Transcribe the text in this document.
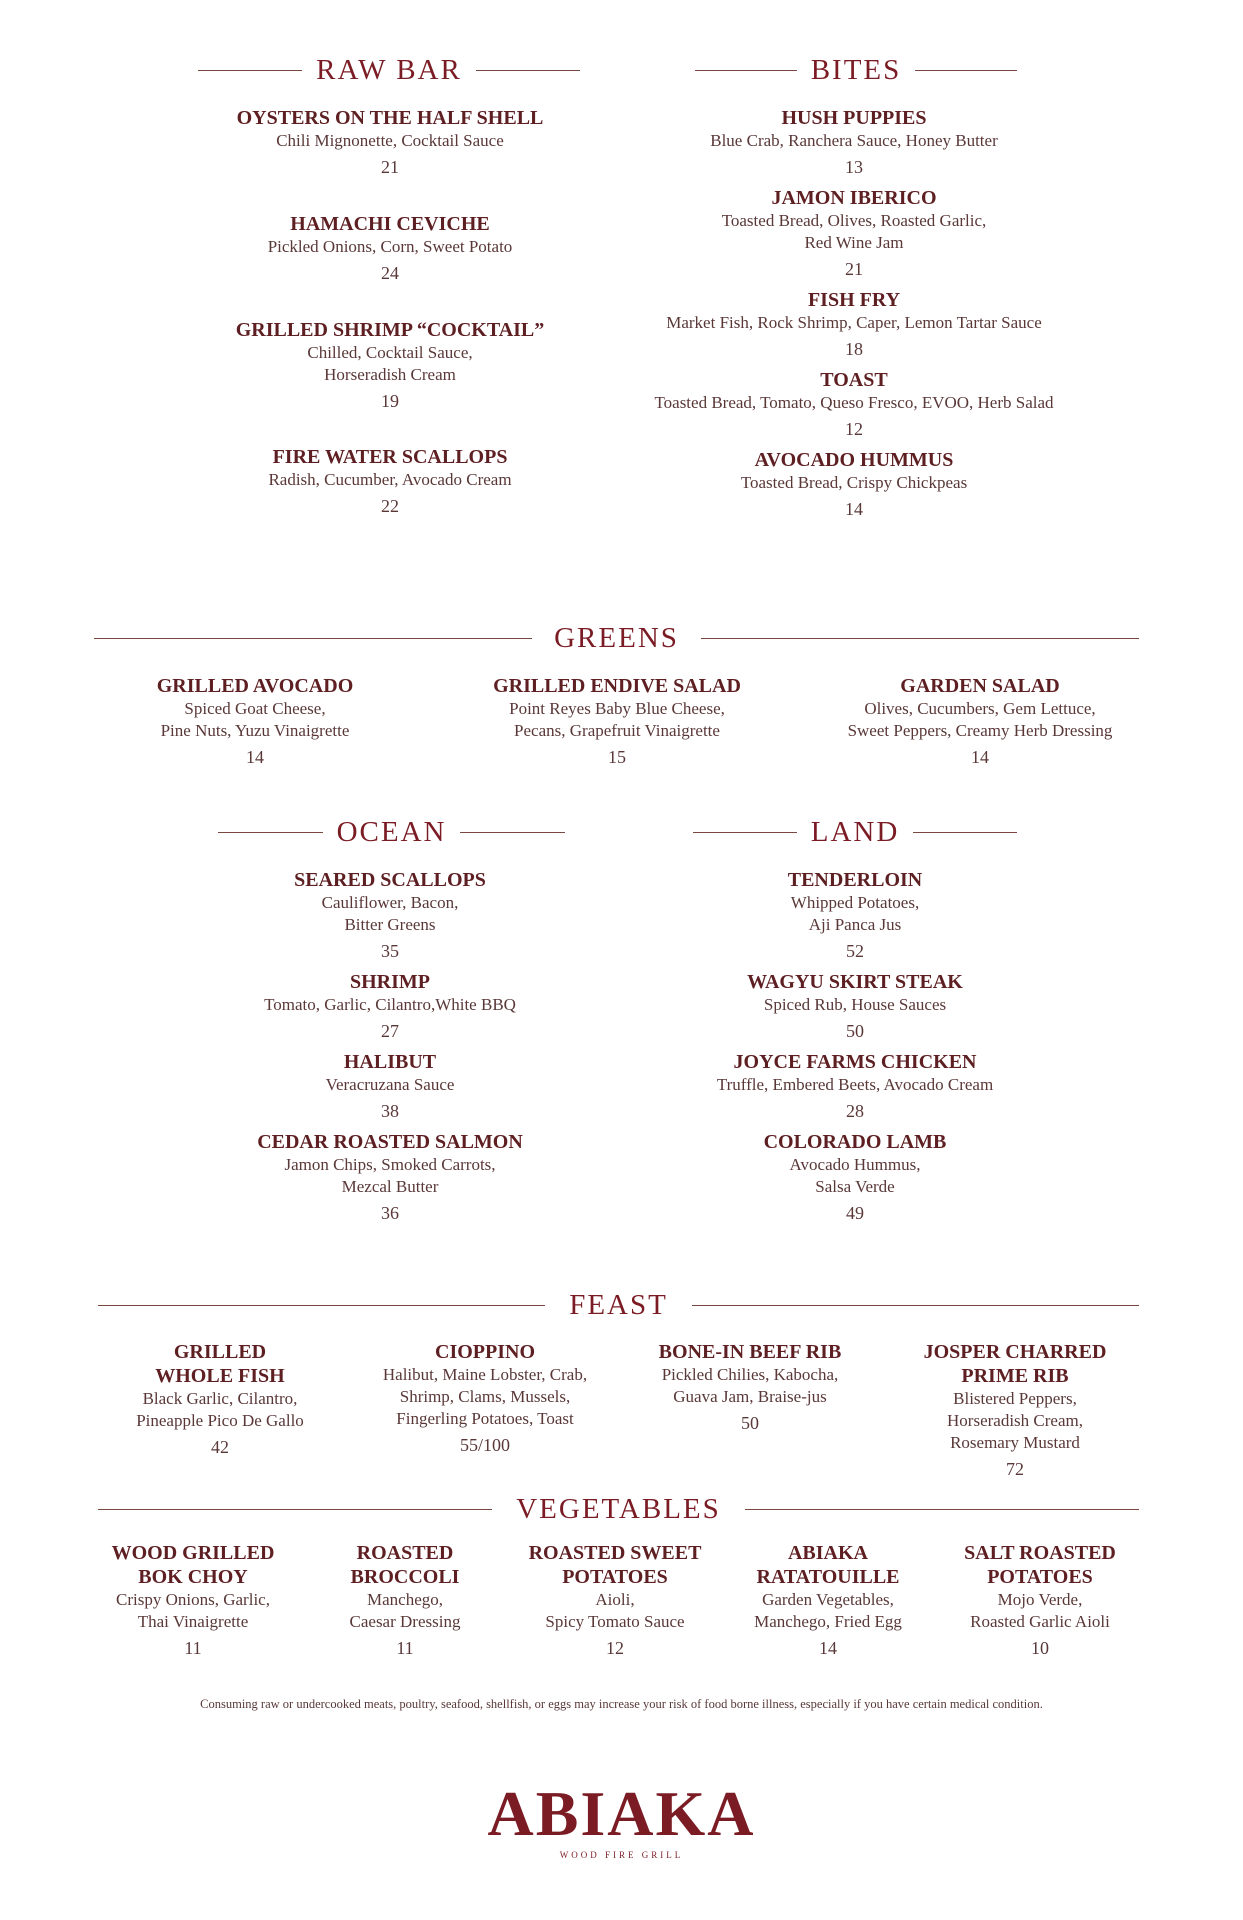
RAW BAR
OYSTERS ON THE HALF SHELL
Chili Mignonette, Cocktail Sauce
21
HAMACHI CEVICHE
Pickled Onions, Corn, Sweet Potato
24
GRILLED SHRIMP “COCKTAIL”
Chilled, Cocktail Sauce,
Horseradish Cream
19
FIRE WATER SCALLOPS
Radish, Cucumber, Avocado Cream
22
BITES
HUSH PUPPIES
Blue Crab, Ranchera Sauce, Honey Butter
13
JAMON IBERICO
Toasted Bread, Olives, Roasted Garlic,
Red Wine Jam
21
FISH FRY
Market Fish, Rock Shrimp, Caper, Lemon Tartar Sauce
18
TOAST
Toasted Bread, Tomato, Queso Fresco, EVOO, Herb Salad
12
AVOCADO HUMMUS
Toasted Bread, Crispy Chickpeas
14
GREENS
GRILLED AVOCADO
Spiced Goat Cheese,
Pine Nuts, Yuzu Vinaigrette
14
GRILLED ENDIVE SALAD
Point Reyes Baby Blue Cheese,
Pecans, Grapefruit Vinaigrette
15
GARDEN SALAD
Olives, Cucumbers, Gem Lettuce,
Sweet Peppers, Creamy Herb Dressing
14
OCEAN
SEARED SCALLOPS
Cauliflower, Bacon,
Bitter Greens
35
SHRIMP
Tomato, Garlic, Cilantro,White BBQ
27
HALIBUT
Veracruzana Sauce
38
CEDAR ROASTED SALMON
Jamon Chips, Smoked Carrots,
Mezcal Butter
36
LAND
TENDERLOIN
Whipped Potatoes,
Aji Panca Jus
52
WAGYU SKIRT STEAK
Spiced Rub, House Sauces
50
JOYCE FARMS CHICKEN
Truffle, Embered Beets, Avocado Cream
28
COLORADO LAMB
Avocado Hummus,
Salsa Verde
49
FEAST
GRILLED
WHOLE FISH
Black Garlic, Cilantro,
Pineapple Pico De Gallo
42
CIOPPINO
Halibut, Maine Lobster, Crab,
Shrimp, Clams, Mussels,
Fingerling Potatoes, Toast
55/100
BONE-IN BEEF RIB
Pickled Chilies, Kabocha,
Guava Jam, Braise-jus
50
JOSPER CHARRED
PRIME RIB
Blistered Peppers,
Horseradish Cream,
Rosemary Mustard
72
VEGETABLES
WOOD GRILLED
BOK CHOY
Crispy Onions, Garlic,
Thai Vinaigrette
11
ROASTED
BROCCOLI
Manchego,
Caesar Dressing
11
ROASTED SWEET
POTATOES
Aioli,
Spicy Tomato Sauce
12
ABIAKA
RATATOUILLE
Garden Vegetables,
Manchego, Fried Egg
14
SALT ROASTED
POTATOES
Mojo Verde,
Roasted Garlic Aioli
10
Consuming raw or undercooked meats, poultry, seafood, shellfish, or eggs may increase your risk of food borne illness, especially if you have certain medical condition.
ABIAKA
WOOD FIRE GRILL
